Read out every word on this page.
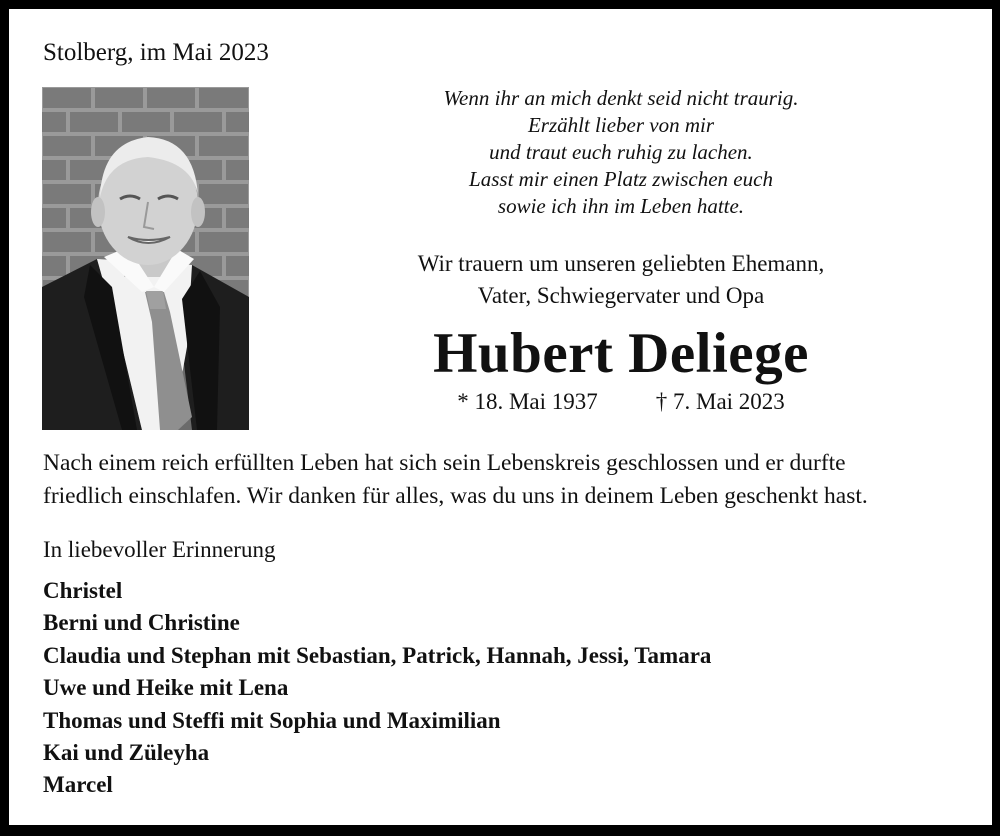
Stolberg, im Mai 2023
Wenn ihr an mich denkt seid nicht traurig.
Erzählt lieber von mir
und traut euch ruhig zu lachen.
Lasst mir einen Platz zwischen euch
sowie ich ihn im Leben hatte.
Wir trauern um unseren geliebten Ehemann,
Vater, Schwiegervater und Opa
Hubert Deliege
* 18. Mai 1937	† 7. Mai 2023
Nach einem reich erfüllten Leben hat sich sein Lebenskreis geschlossen und er durfte
friedlich einschlafen. Wir danken für alles, was du uns in deinem Leben geschenkt hast.
In liebevoller Erinnerung
Christel
Berni und Christine
Claudia und Stephan mit Sebastian, Patrick, Hannah, Jessi, Tamara
Uwe und Heike mit Lena
Thomas und Steffi mit Sophia und Maximilian
Kai und Züleyha
Marcel
